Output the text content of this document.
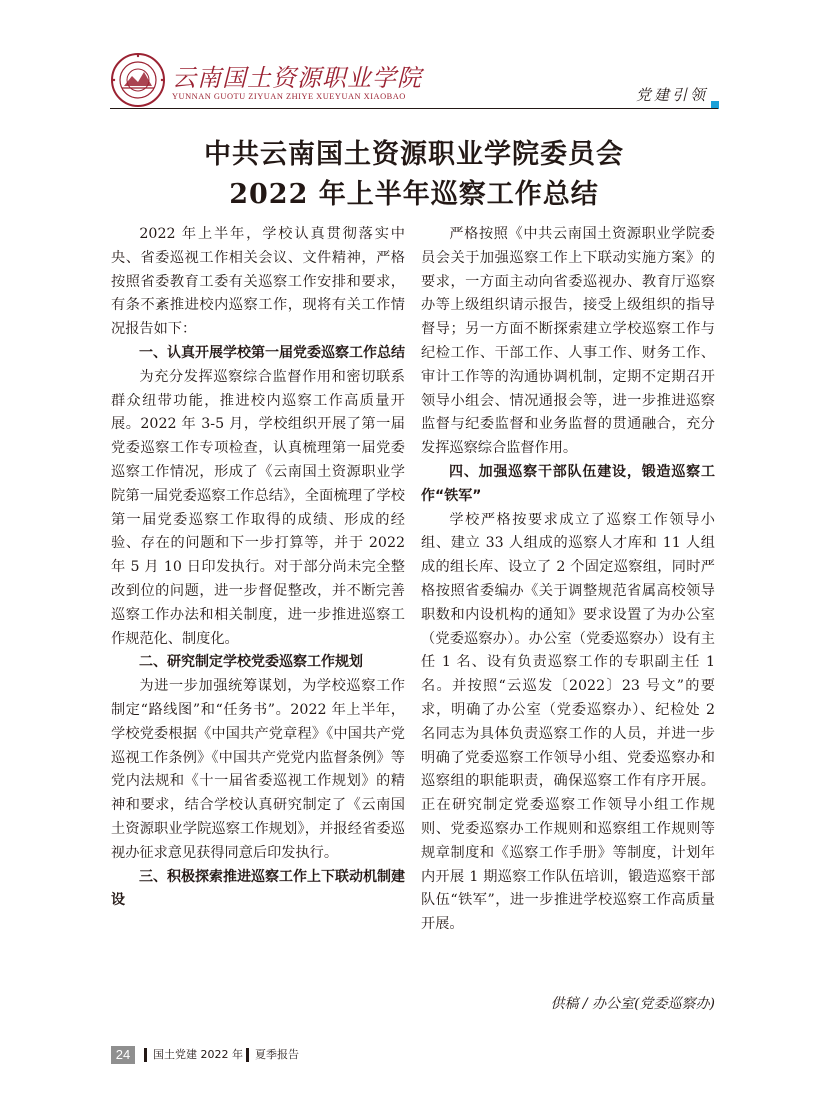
云南国土资源职业学院
YUNNAN GUOTU ZIYUAN ZHIYE XUEYUAN XIAOBAO	党建引领
中共云南国土资源职业学院委员会
2022 年上半年巡察工作总结

2022 年上半年，学校认真贯彻落实中央、省委巡视工作相关会议、文件精神，严格按照省委教育工委有关巡察工作安排和要求，有条不紊推进校内巡察工作，现将有关工作情况报告如下：

一、认真开展学校第一届党委巡察工作总结

为充分发挥巡察综合监督作用和密切联系群众纽带功能，推进校内巡察工作高质量开展。2022 年 3-5 月，学校组织开展了第一届党委巡察工作专项检查，认真梳理第一届党委巡察工作情况，形成了《云南国土资源职业学院第一届党委巡察工作总结》，全面梳理了学校第一届党委巡察工作取得的成绩、形成的经验、存在的问题和下一步打算等，并于 2022 年 5 月 10 日印发执行。对于部分尚未完全整改到位的问题，进一步督促整改，并不断完善巡察工作办法和相关制度，进一步推进巡察工作规范化、制度化。

二、研究制定学校党委巡察工作规划

为进一步加强统筹谋划，为学校巡察工作制定“路线图”和“任务书”。2022 年上半年，学校党委根据《中国共产党章程》《中国共产党巡视工作条例》《中国共产党党内监督条例》等党内法规和《十一届省委巡视工作规划》的精神和要求，结合学校认真研究制定了《云南国土资源职业学院巡察工作规划》，并报经省委巡视办征求意见获得同意后印发执行。

三、积极探索推进巡察工作上下联动机制建设

严格按照《中共云南国土资源职业学院委员会关于加强巡察工作上下联动实施方案》的要求，一方面主动向省委巡视办、教育厅巡察办等上级组织请示报告，接受上级组织的指导督导；另一方面不断探索建立学校巡察工作与纪检工作、干部工作、人事工作、财务工作、审计工作等的沟通协调机制，定期不定期召开领导小组会、情况通报会等，进一步推进巡察监督与纪委监督和业务监督的贯通融合，充分发挥巡察综合监督作用。

四、加强巡察干部队伍建设，锻造巡察工作“铁军”

学校严格按要求成立了巡察工作领导小组、建立 33 人组成的巡察人才库和 11 人组成的组长库、设立了 2 个固定巡察组，同时严格按照省委编办《关于调整规范省属高校领导职数和内设机构的通知》要求设置了为办公室（党委巡察办）。办公室（党委巡察办）设有主任 1 名、设有负责巡察工作的专职副主任 1 名。并按照“云巡发〔2022〕23 号文”的要求，明确了办公室（党委巡察办）、纪检处 2 名同志为具体负责巡察工作的人员，并进一步明确了党委巡察工作领导小组、党委巡察办和巡察组的职能职责，确保巡察工作有序开展。正在研究制定党委巡察工作领导小组工作规则、党委巡察办工作规则和巡察组工作规则等规章制度和《巡察工作手册》等制度，计划年内开展 1 期巡察工作队伍培训，锻造巡察干部队伍“铁军”，进一步推进学校巡察工作高质量开展。

供稿 / 办公室(党委巡察办)
24	国土党建 2022 年 夏季报告
